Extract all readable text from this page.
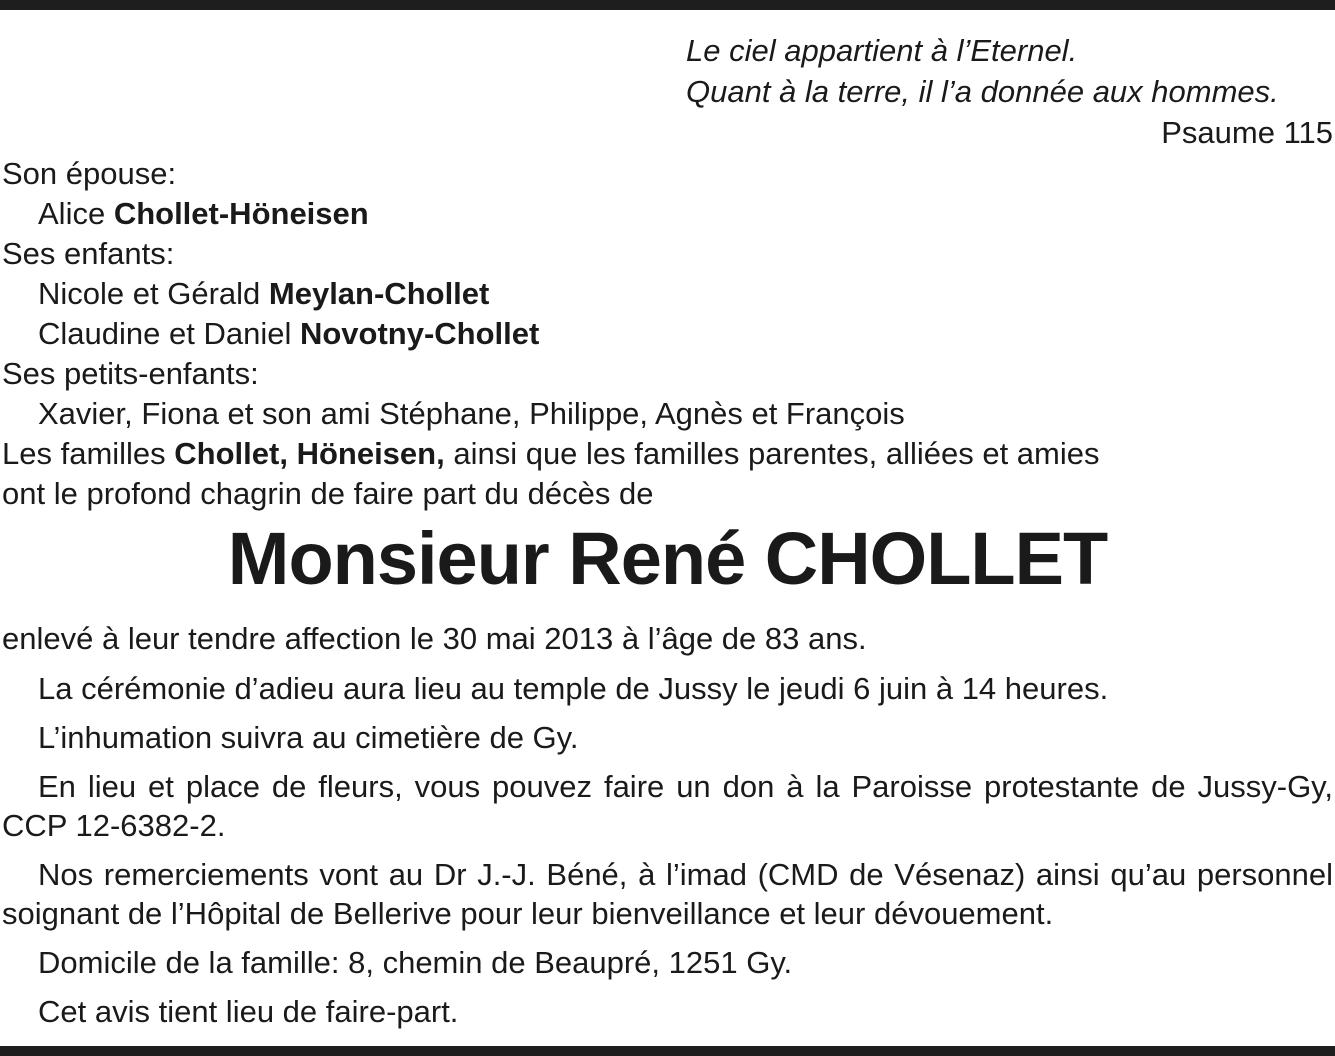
Le ciel appartient à l’Eternel.
Quant à la terre, il l’a donnée aux hommes.
Psaume 115
Son épouse:
Alice Chollet-Höneisen
Ses enfants:
Nicole et Gérald Meylan-Chollet
Claudine et Daniel Novotny-Chollet
Ses petits-enfants:
Xavier, Fiona et son ami Stéphane, Philippe, Agnès et François
Les familles Chollet, Höneisen, ainsi que les familles parentes, alliées et amies
ont le profond chagrin de faire part du décès de
Monsieur René CHOLLET

enlevé à leur tendre affection le 30 mai 2013 à l’âge de 83 ans.

La cérémonie d’adieu aura lieu au temple de Jussy le jeudi 6 juin à 14 heures.

L’inhumation suivra au cimetière de Gy.

En lieu et place de fleurs, vous pouvez faire un don à la Paroisse protestante de Jussy-Gy, CCP 12-6382-2.

Nos remerciements vont au Dr J.-J. Béné, à l’imad (CMD de Vésenaz) ainsi qu’au personnel soignant de l’Hôpital de Bellerive pour leur bienveillance et leur dévouement.

Domicile de la famille: 8, chemin de Beaupré, 1251 Gy.

Cet avis tient lieu de faire-part.
